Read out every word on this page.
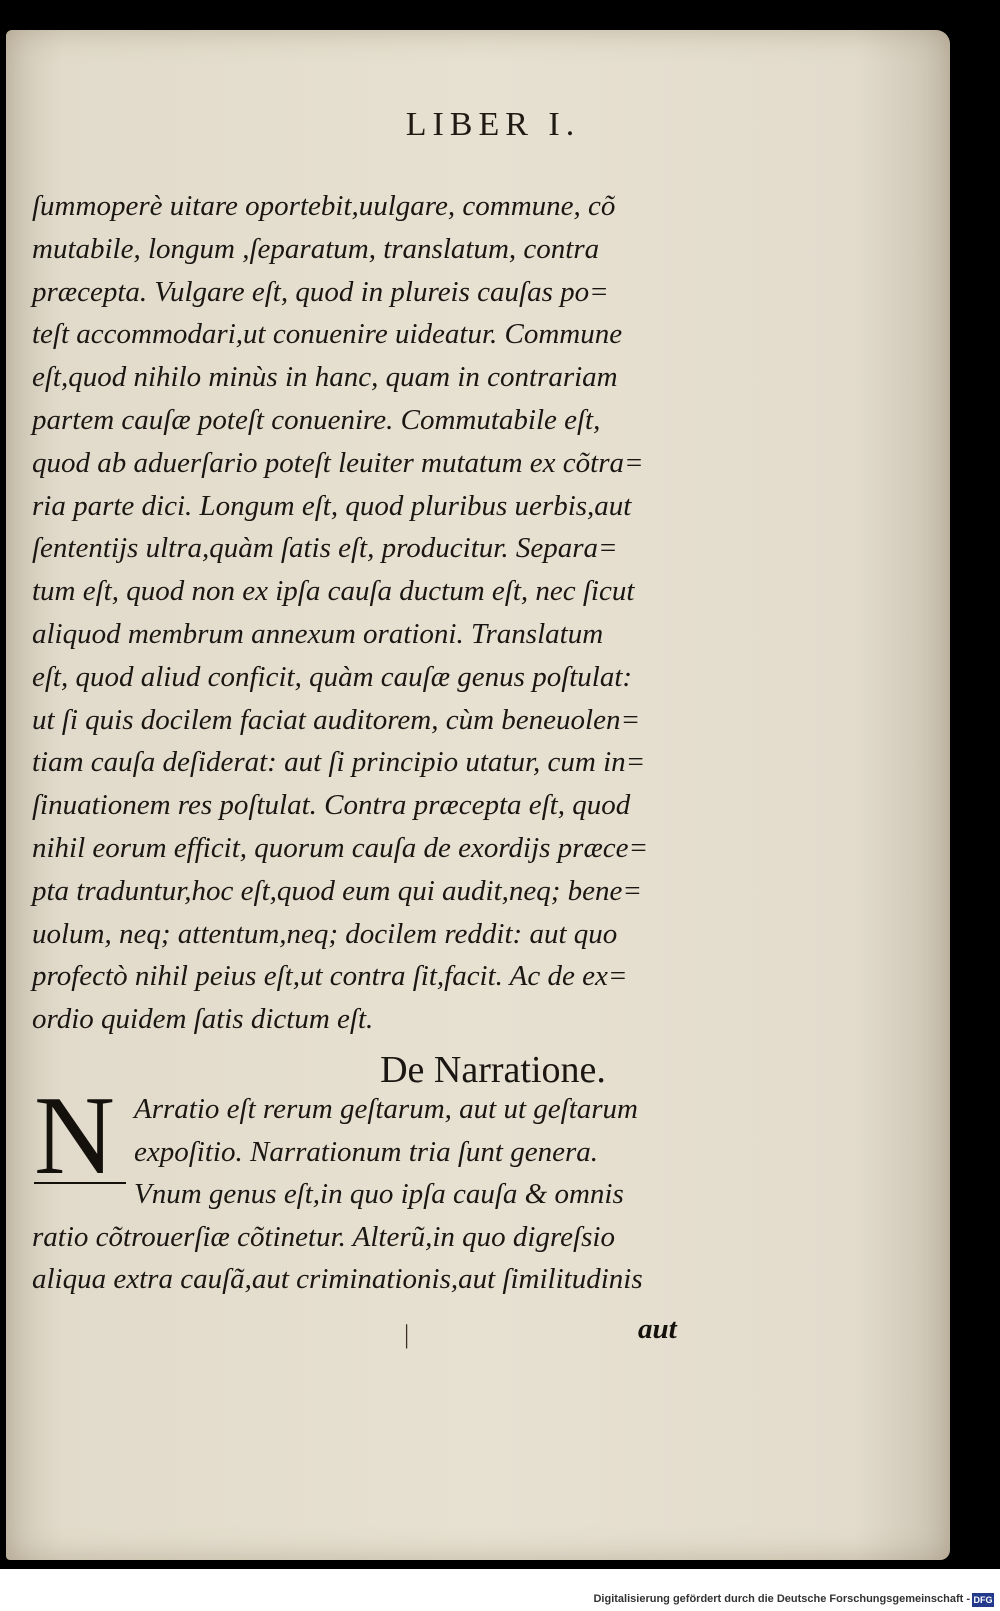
LIBER I.
ſummoperè uitare oportebit,uulgare, commune, cõ
mutabile, longum ,ſeparatum, translatum, contra
præcepta. Vulgare eſt, quod in plureis cauſas po=
teſt accommodari,ut conuenire uideatur. Commune
eſt,quod nihilo minùs in hanc, quam in contrariam
partem cauſæ poteſt conuenire. Commutabile eſt,
quod ab aduerſario poteſt leuiter mutatum ex cõtra=
ria parte dici. Longum eſt, quod pluribus uerbis,aut
ſententijs ultra,quàm ſatis eſt, producitur. Separa=
tum eſt, quod non ex ipſa cauſa ductum eſt, nec ſicut
aliquod membrum annexum orationi. Translatum
eſt, quod aliud conficit, quàm cauſæ genus poſtulat:
ut ſi quis docilem faciat auditorem, cùm beneuolen=
tiam cauſa deſiderat: aut ſi principio utatur, cum in=
ſinuationem res poſtulat. Contra præcepta eſt, quod
nihil eorum efficit, quorum cauſa de exordijs præce=
pta traduntur,hoc eſt,quod eum qui audit,neq; bene=
uolum, neq; attentum,neq; docilem reddit: aut quo
profectò nihil peius eſt,ut contra ſit,facit. Ac de ex=
ordio quidem ſatis dictum eſt.
De Narratione.
N Arratio eſt rerum geſtarum, aut ut geſtarum
expoſitio. Narrationum tria ſunt genera.
Vnum genus eſt,in quo ipſa cauſa & omnis
ratio cõtrouerſiæ cõtinetur. Alterũ,in quo digreſsio
aliqua extra cauſã,aut criminationis,aut ſimilitudinis
|	aut
Digitalisierung gefördert durch die Deutsche Forschungsgemeinschaft - DFG
